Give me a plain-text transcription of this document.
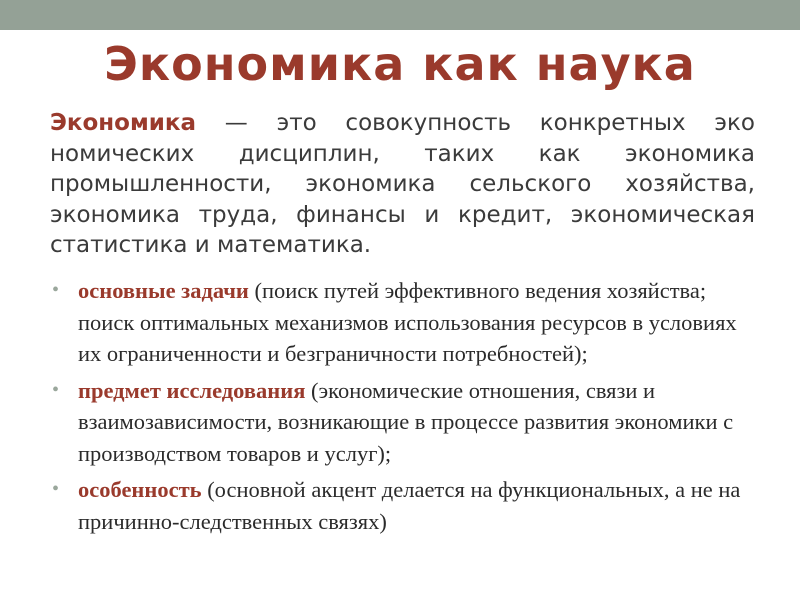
Экономика как наука

Экономика — это совокупность конкретных эко номических дисциплин, таких как экономика промышленности, экономика сельского хозяйства, экономика труда, финансы и кредит, экономическая статистика и математика.

• основные задачи (поиск путей эффективного ведения хозяйства; поиск оптимальных механизмов использования ресурсов в условиях их ограниченности и безграничности потребностей);
• предмет исследования (экономические отношения, связи и взаимозависимости, возникающие в процессе развития экономики с производством товаров и услуг);
• особенность (основной акцент делается на функциональных, а не на причинно-следственных связях)
